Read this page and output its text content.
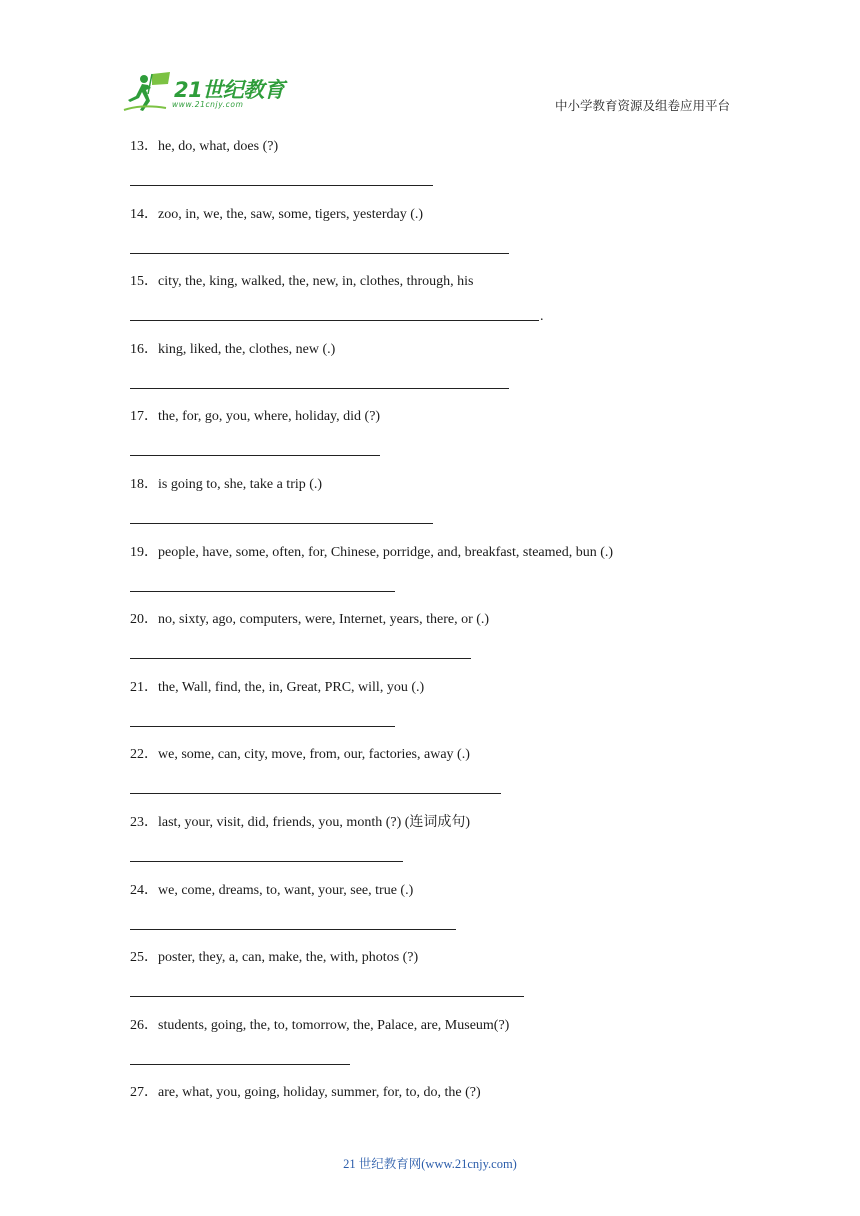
21世纪教育
www.21cnjy.com	中小学教育资源及组卷应用平台
13．he, do, what, does (?)
14．zoo, in, we, the, saw, some, tigers, yesterday (.)
15．city, the, king, walked, the, new, in, clothes, through, his
.
16．king, liked, the, clothes, new (.)
17．the, for, go, you, where, holiday, did (?)
18．is going to, she, take a trip (.)
19．people, have, some, often, for, Chinese, porridge, and, breakfast, steamed, bun (.)
20．no, sixty, ago, computers, were, Internet, years, there, or (.)
21．the, Wall, find, the, in, Great, PRC, will, you (.)
22．we, some, can, city, move, from, our, factories, away (.)
23．last, your, visit, did, friends, you, month (?) (连词成句)
24．we, come, dreams, to, want, your, see, true (.)
25．poster, they, a, can, make, the, with, photos (?)
26．students, going, the, to, tomorrow, the, Palace, are, Museum(?)
27．are, what, you, going, holiday, summer, for, to, do, the (?)
21 世纪教育网(www.21cnjy.com)
